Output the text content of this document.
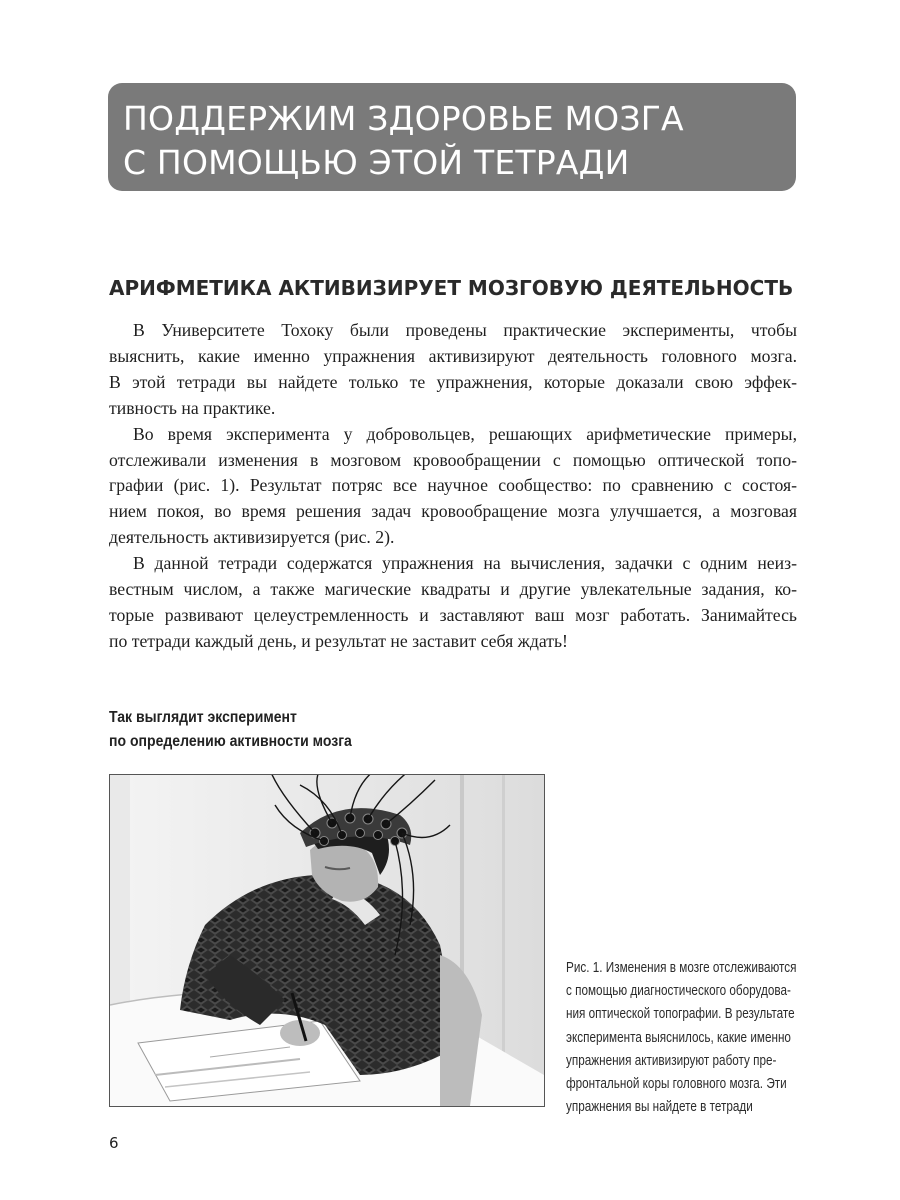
ПОДДЕРЖИМ ЗДОРОВЬЕ МОЗГА
С ПОМОЩЬЮ ЭТОЙ ТЕТРАДИ
АРИФМЕТИКА АКТИВИЗИРУЕТ МОЗГОВУЮ ДЕЯТЕЛЬНОСТЬ
В Университете Тохоку были проведены практические эксперименты, чтобы
выяснить, какие именно упражнения активизируют деятельность головного мозга.
В этой тетради вы найдете только те упражнения, которые доказали свою эффек-
тивность на практике.
Во время эксперимента у добровольцев, решающих арифметические примеры,
отслеживали изменения в мозговом кровообращении с помощью оптической топо-
графии (рис. 1). Результат потряс все научное сообщество: по сравнению с состоя-
нием покоя, во время решения задач кровообращение мозга улучшается, а мозговая
деятельность активизируется (рис. 2).
В данной тетради содержатся упражнения на вычисления, задачки с одним неиз-
вестным числом, а также магические квадраты и другие увлекательные задания, ко-
торые развивают целеустремленность и заставляют ваш мозг работать. Занимайтесь
по тетради каждый день, и результат не заставит себя ждать!
Так выглядит эксперимент
по определению активности мозга
Рис. 1. Изменения в мозге отслеживаются
с помощью диагностического оборудова-
ния оптической топографии. В результате
эксперимента выяснилось, какие именно
упражнения активизируют работу пре-
фронтальной коры головного мозга. Эти
упражнения вы найдете в тетради
6
